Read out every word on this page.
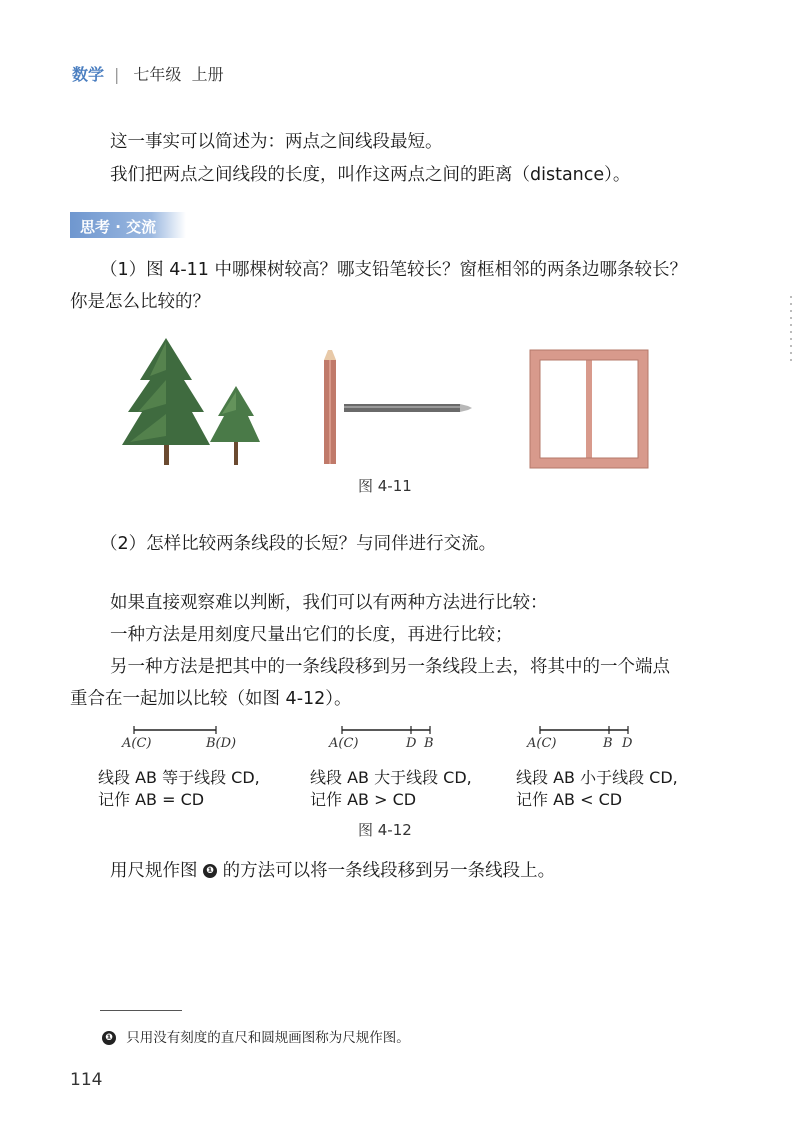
数学 | 七年级 上册
这一事实可以简述为：两点之间线段最短。
我们把两点之间线段的长度，叫作这两点之间的距离（distance）。
思考 · 交流
（1）图 4-11 中哪棵树较高？哪支铅笔较长？窗框相邻的两条边哪条较长？
你是怎么比较的？
图 4-11
（2）怎样比较两条线段的长短？与同伴进行交流。
如果直接观察难以判断，我们可以有两种方法进行比较：
一种方法是用刻度尺量出它们的长度，再进行比较；
另一种方法是把其中的一条线段移到另一条线段上去，将其中的一个端点
重合在一起加以比较（如图 4-12）。
A(C)	B(D)	A(C)	D B	A(C)	B D
线段 AB 等于线段 CD,
记作 AB = CD
线段 AB 大于线段 CD,
记作 AB > CD
线段 AB 小于线段 CD,
记作 AB < CD
图 4-12
用尺规作图 ❶ 的方法可以将一条线段移到另一条线段上。
❶ 只用没有刻度的直尺和圆规画图称为尺规作图。
114
